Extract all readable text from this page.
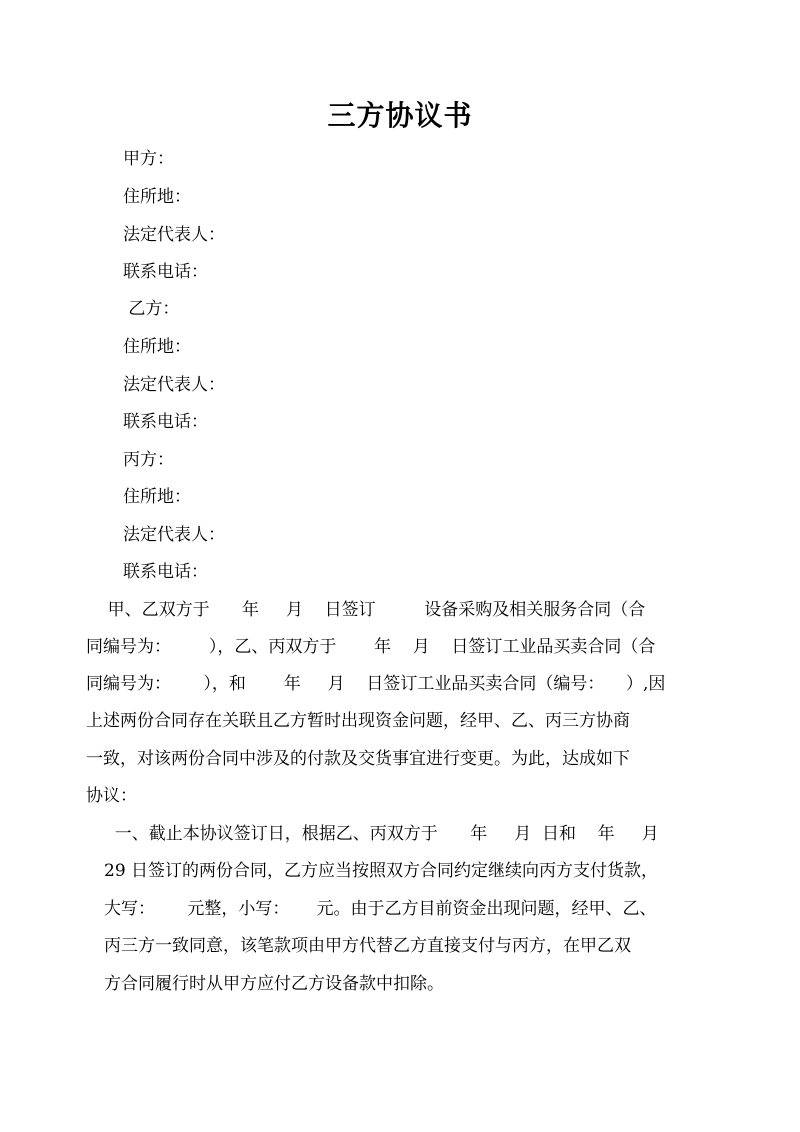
三方协议书
甲方：
住所地：
法定代表人：
联系电话：
乙方：
住所地：
法定代表人：
联系电话：
丙方：
住所地：
法定代表人：
联系电话：
甲、乙双方于      年     月    日签订         设备采购及相关服务合同（合
同编号为：       ），乙、丙双方于       年    月    日签订工业品买卖合同（合
同编号为：      ），和       年     月    日签订工业品买卖合同（编号：    ）,因
上述两份合同存在关联且乙方暂时出现资金问题，经甲、乙、丙三方协商
一致，对该两份合同中涉及的付款及交货事宜进行变更。为此，达成如下
协议：
一、截止本协议签订日，根据乙、丙双方于      年     月  日和    年     月
29 日签订的两份合同，乙方应当按照双方合同约定继续向丙方支付货款，
大写：      元整，小写：     元。由于乙方目前资金出现问题，经甲、乙、
丙三方一致同意，该笔款项由甲方代替乙方直接支付与丙方，在甲乙双
方合同履行时从甲方应付乙方设备款中扣除。
